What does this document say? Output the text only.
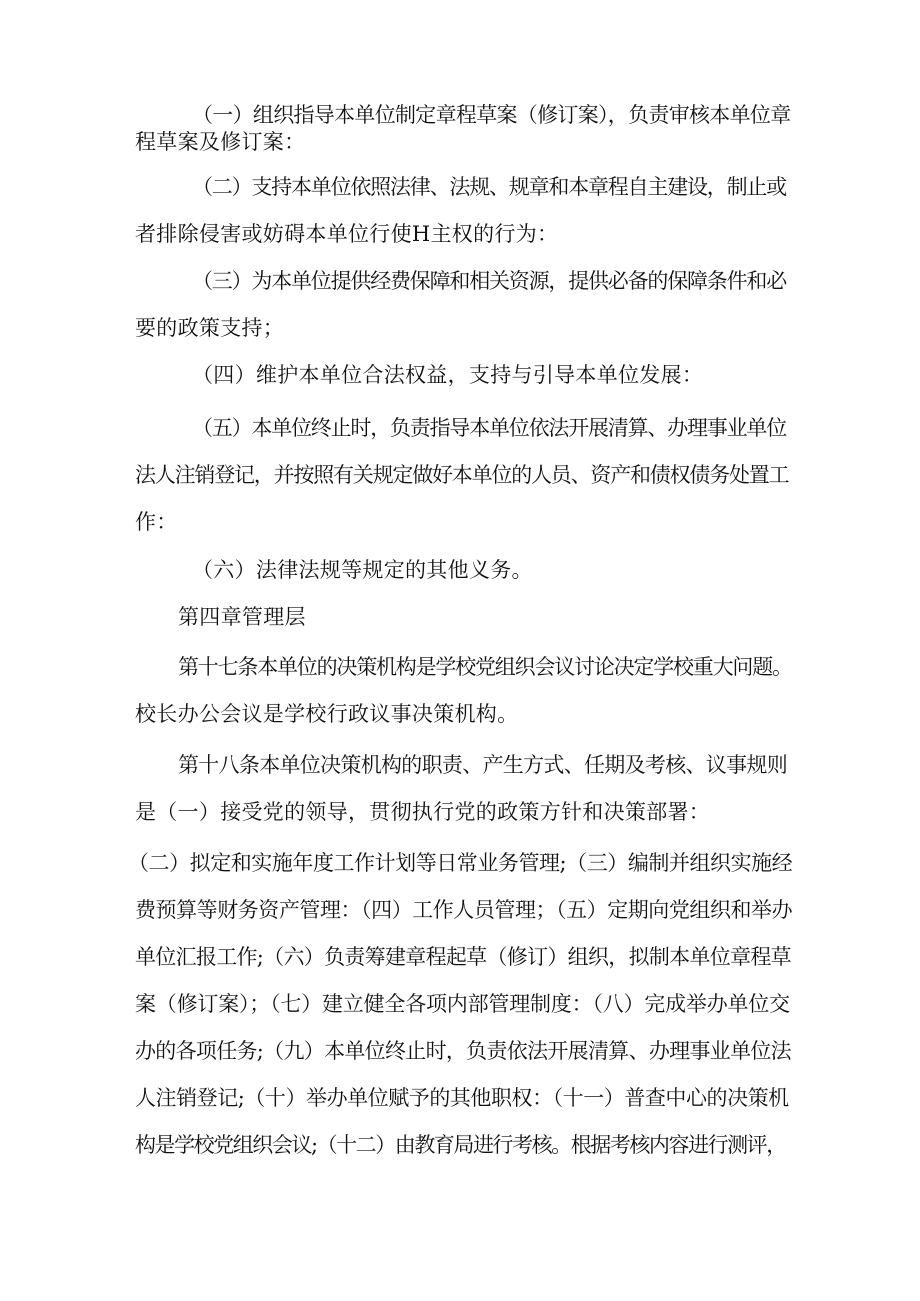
（一）组织指导本单位制定章程草案（修订案），负责审核本单位章
程草案及修订案：
（二）支持本单位依照法律、法规、规章和本章程自主建设，制止或
者排除侵害或妨碍本单位行使H主权的行为：
（三）为本单位提供经费保障和相关资源，提供必备的保障条件和必
要的政策支持；
（四）维护本单位合法权益，支持与引导本单位发展：
（五）本单位终止时，负责指导本单位依法开展清算、办理事业单位
法人注销登记，并按照有关规定做好本单位的人员、资产和债权债务处置工
作：
（六）法律法规等规定的其他义务。
第四章管理层
第十七条本单位的决策机构是学校党组织会议讨论决定学校重大问题。
校长办公会议是学校行政议事决策机构。
第十八条本单位决策机构的职责、产生方式、任期及考核、议事规则
是（一）接受党的领导，贯彻执行党的政策方针和决策部署：
（二）拟定和实施年度工作计划等日常业务管理;（三）编制并组织实施经
费预算等财务资产管理：（四）工作人员管理；（五）定期向党组织和举办
单位汇报工作;（六）负责筹建章程起草（修订）组织，拟制本单位章程草
案（修订案）；（七）建立健全各项内部管理制度：（八）完成举办单位交
办的各项任务;（九）本单位终止时，负责依法开展清算、办理事业单位法
人注销登记;（十）举办单位赋予的其他职权：（十一）普查中心的决策机
构是学校党组织会议;（十二）由教育局进行考核。根据考核内容进行测评，
